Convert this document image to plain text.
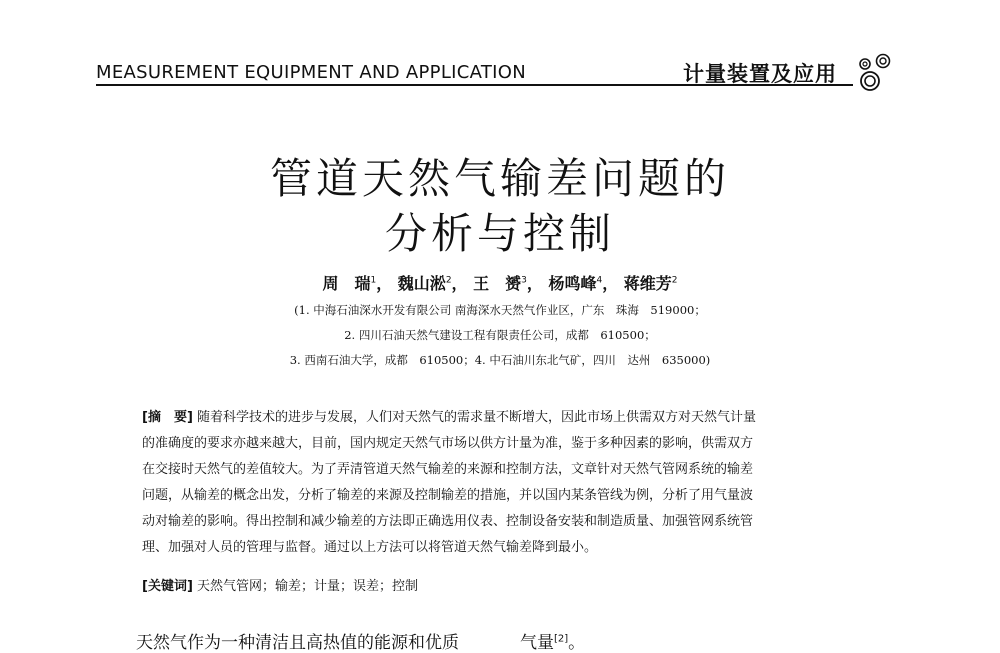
MEASUREMENT EQUIPMENT AND APPLICATION	计量装置及应用
管道天然气输差问题的
分析与控制
周　瑞$^1$， 魏山淞$^2$， 王　赟$^3$， 杨鸣峰$^4$， 蒋维芳$^2$
(1. 中海石油深水开发有限公司 南海深水天然气作业区，广东　珠海　519000；
2. 四川石油天然气建设工程有限责任公司，成都　610500；
3. 西南石油大学，成都　610500；4. 中石油川东北气矿，四川　达州　635000)
[摘　要] 随着科学技术的进步与发展，人们对天然气的需求量不断增大，因此市场上供需双方对天然气计量
的准确度的要求亦越来越大，目前，国内规定天然气市场以供方计量为准，鉴于多种因素的影响，供需双方
在交接时天然气的差值较大。为了弄清管道天然气输差的来源和控制方法，文章针对天然气管网系统的输差
问题，从输差的概念出发，分析了输差的来源及控制输差的措施，并以国内某条管线为例，分析了用气量波
动对输差的影响。得出控制和减少输差的方法即正确选用仪表、控制设备安装和制造质量、加强管网系统管
理、加强对人员的管理与监督。通过以上方法可以将管道天然气输差降到最小。
[关键词] 天然气管网；输差；计量；误差；控制
天然气作为一种清洁且高热值的能源和优质	气量[2]。
